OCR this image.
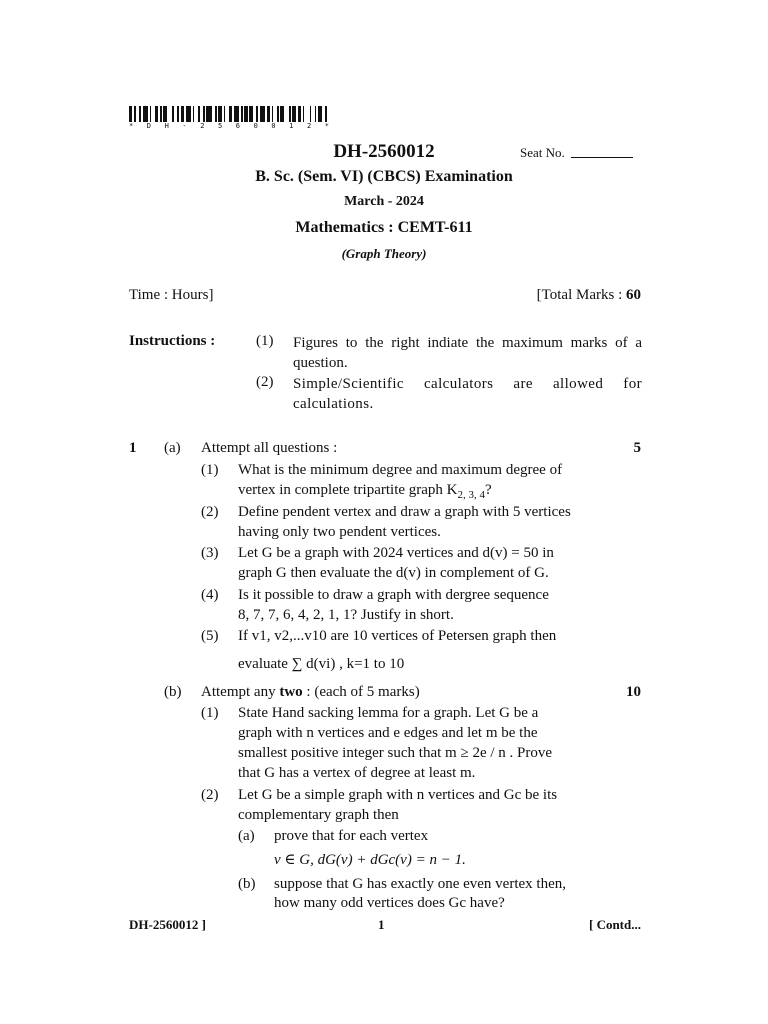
* D H - 2 5 6 0 0 1 2 *
DH-2560012	Seat No.
B. Sc. (Sem. VI) (CBCS) Examination
March - 2024
Mathematics : CEMT-611
(Graph Theory)
Time : Hours]	[Total Marks : 60
Instructions :	(1) Figures to the right indiate the maximum marks of a question.
(2) Simple/Scientific calculators are allowed for calculations.
1 (a) Attempt all questions :	5
(1) What is the minimum degree and maximum degree of
vertex in complete tripartite graph $K_{2, 3, 4}$?
(2) Define pendent vertex and draw a graph with 5 vertices
having only two pendent vertices.
(3) Let G be a graph with 2024 vertices and d(v) = 50 in
graph G then evaluate the d(v) in complement of G.
(4) Is it possible to draw a graph with dergree sequence
8, 7, 7, 6, 4, 2, 1, 1? Justify in short.
(5) If v1, v2,...v10 are 10 vertices of Petersen graph then
evaluate ∑ d(vi) , k=1 to 10
(b) Attempt any two : (each of 5 marks)	10
(1) State Hand sacking lemma for a graph. Let G be a
graph with n vertices and e edges and let m be the
smallest positive integer such that m ≥ 2e / n . Prove
that G has a vertex of degree at least m.
(2) Let G be a simple graph with n vertices and Gc be its
complementary graph then
(a) prove that for each vertex
v ∈ G, dG(v) + dGc(v) = n − 1.
(b) suppose that G has exactly one even vertex then,
how many odd vertices does Gc have?
DH-2560012 ]	1	[ Contd...
